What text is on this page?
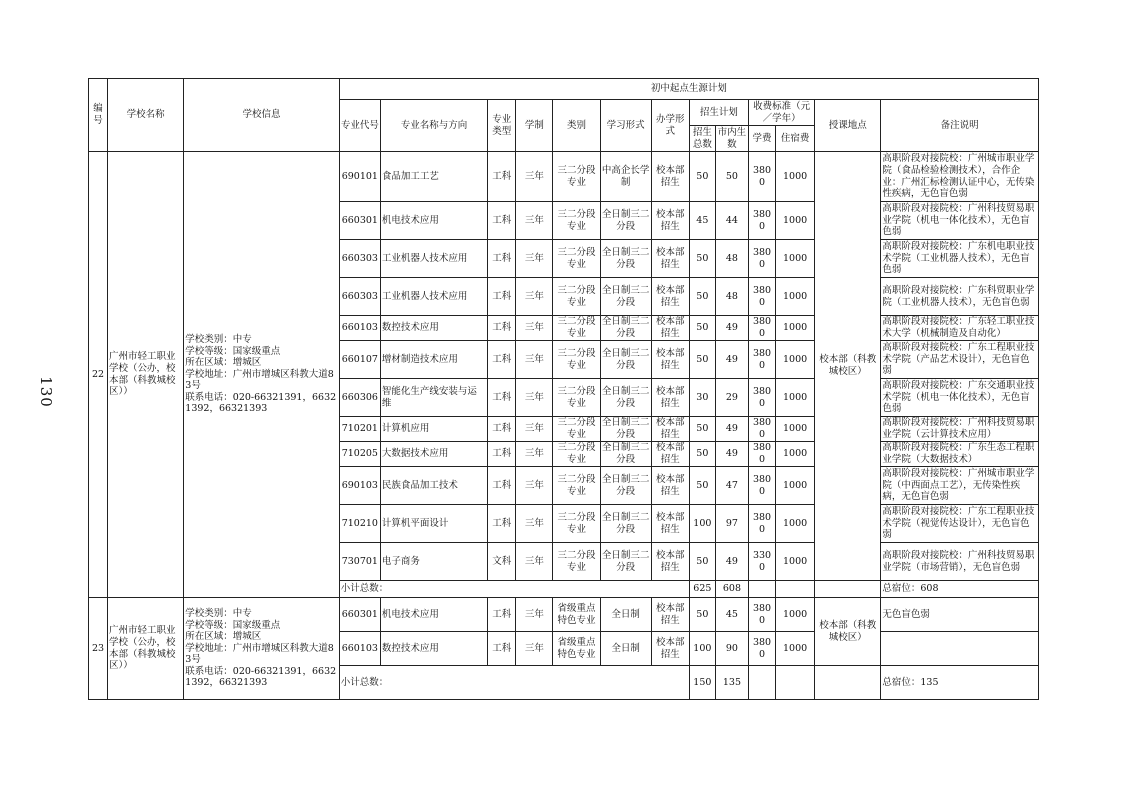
130
编号	学校名称	学校信息	初中起点生源计划												
			专业代号	专业名称与方向	专业类型	学制	类别	学习形式	办学形式	招生计划		收费标准（元／学年）		授课地点	备注说明
										招生总数	市内生数	学费	住宿费		
22	广州市轻工职业学校（公办，校本部（科教城校区））	学校类别：中专
学校等级：国家级重点
所在区域：增城区
学校地址：广州市增城区科教大道83号
联系电话：020-66321391，66321392，66321393	690101	食品加工工艺	工科	三年	三二分段专业	中高企长学制	校本部招生	50	50	3800	1000	校本部（科教城校区）	高职阶段对接院校：广州城市职业学院（食品检验检测技术），合作企业：广州汇标检测认证中心，无传染性疾病，无色盲色弱
			660301	机电技术应用	工科	三年	三二分段专业	全日制三二分段	校本部招生	45	44	3800	1000		高职阶段对接院校：广州科技贸易职业学院（机电一体化技术），无色盲色弱
			660303	工业机器人技术应用	工科	三年	三二分段专业	全日制三二分段	校本部招生	50	48	3800	1000		高职阶段对接院校：广东机电职业技术学院（工业机器人技术），无色盲色弱
			660303	工业机器人技术应用	工科	三年	三二分段专业	全日制三二分段	校本部招生	50	48	3800	1000		高职阶段对接院校：广东科贸职业学院（工业机器人技术），无色盲色弱
			660103	数控技术应用	工科	三年	三二分段专业	全日制三二分段	校本部招生	50	49	3800	1000		高职阶段对接院校：广东轻工职业技术大学（机械制造及自动化）
			660107	增材制造技术应用	工科	三年	三二分段专业	全日制三二分段	校本部招生	50	49	3800	1000		高职阶段对接院校：广东工程职业技术学院（产品艺术设计），无色盲色弱
			660306	智能化生产线安装与运维	工科	三年	三二分段专业	全日制三二分段	校本部招生	30	29	3800	1000		高职阶段对接院校：广东交通职业技术学院（机电一体化技术），无色盲色弱
			710201	计算机应用	工科	三年	三二分段专业	全日制三二分段	校本部招生	50	49	3800	1000		高职阶段对接院校：广州科技贸易职业学院（云计算技术应用）
			710205	大数据技术应用	工科	三年	三二分段专业	全日制三二分段	校本部招生	50	49	3800	1000		高职阶段对接院校：广东生态工程职业学院（大数据技术）
			690103	民族食品加工技术	工科	三年	三二分段专业	全日制三二分段	校本部招生	50	47	3800	1000		高职阶段对接院校：广州城市职业学院（中西面点工艺），无传染性疾病，无色盲色弱
			710210	计算机平面设计	工科	三年	三二分段专业	全日制三二分段	校本部招生	100	97	3800	1000		高职阶段对接院校：广东工程职业技术学院（视觉传达设计），无色盲色弱
			730701	电子商务	文科	三年	三二分段专业	全日制三二分段	校本部招生	50	49	3300	1000		高职阶段对接院校：广州科技贸易职业学院（市场营销），无色盲色弱
			小计总数：							625	608				总宿位：608
23	广州市轻工职业学校（公办，校本部（科教城校区））	学校类别：中专
学校等级：国家级重点
所在区域：增城区
学校地址：广州市增城区科教大道83号
联系电话：020-66321391，66321392，66321393	660301	机电技术应用	工科	三年	省级重点特色专业	全日制	校本部招生	50	45	3800	1000	校本部（科教城校区）	无色盲色弱
			660103	数控技术应用	工科	三年	省级重点特色专业	全日制	校本部招生	100	90	3800	1000		
			小计总数：							150	135				总宿位：135
